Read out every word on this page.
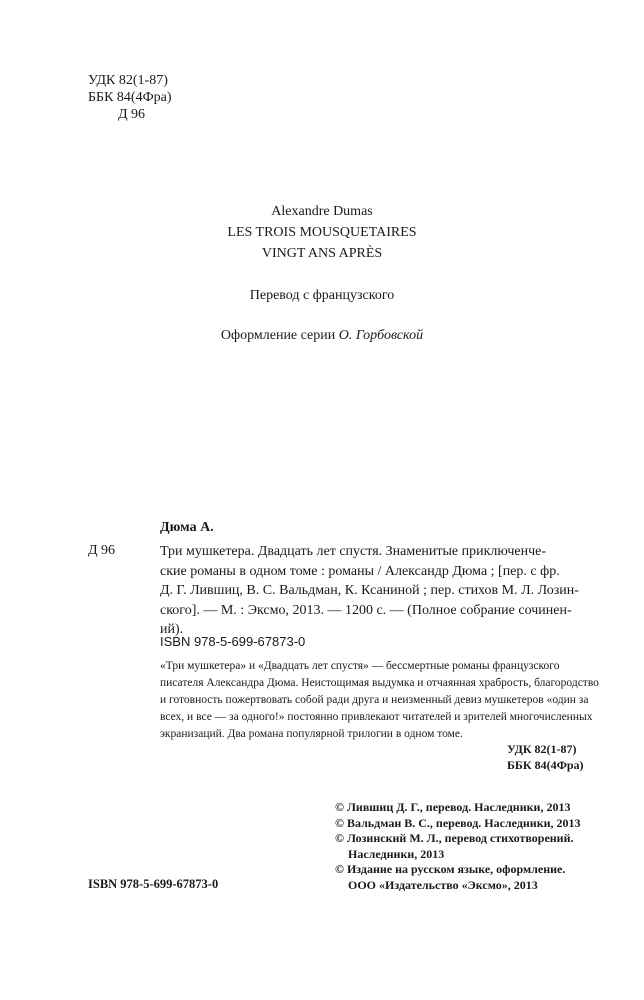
УДК 82(1-87)
ББК 84(4Фра)
Д 96
Alexandre Dumas
LES TROIS MOUSQUETAIRES
VINGT ANS APRÈS
Перевод с французского
Оформление серии О. Горбовской
Дюма А.
Д 96	Три мушкетера. Двадцать лет спустя. Знаменитые приключенче-
ские романы в одном томе : романы / Александр Дюма ; [пер. с фр.
Д. Г. Лившиц, В. С. Вальдман, К. Ксаниной ; пер. стихов М. Л. Лозин-
ского]. — М. : Эксмо, 2013. — 1200 с. — (Полное собрание сочинен-
ий).
ISBN 978-5-699-67873-0
«Три мушкетера» и «Двадцать лет спустя» — бессмертные романы французского
писателя Александра Дюма. Неистощимая выдумка и отчаянная храбрость, благородство
и готовность пожертвовать собой ради друга и неизменный девиз мушкетеров «один за
всех, и все — за одного!» постоянно привлекают читателей и зрителей многочисленных
экранизаций. Два романа популярной трилогии в одном томе.
УДК 82(1-87)
ББК 84(4Фра)
© Лившиц Д. Г., перевод. Наследники, 2013
© Вальдман В. С., перевод. Наследники, 2013
© Лозинский М. Л., перевод стихотворений.
Наследники, 2013
© Издание на русском языке, оформление.
ООО «Издательство «Эксмо», 2013
ISBN 978-5-699-67873-0
